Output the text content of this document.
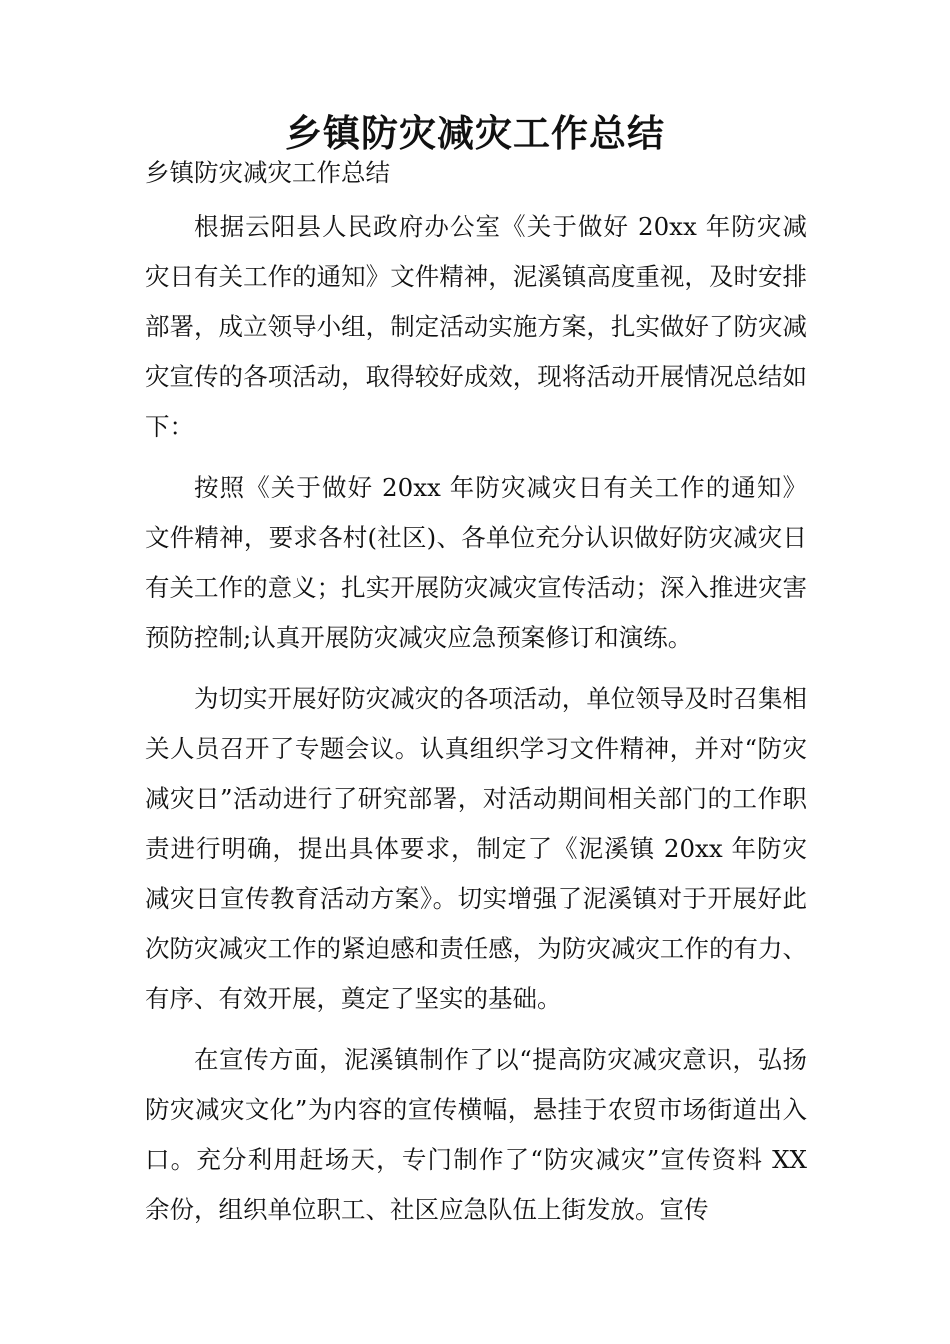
乡镇防灾减灾工作总结

乡镇防灾减灾工作总结

根据云阳县人民政府办公室《关于做好 20xx 年防灾减灾日有关工作的通知》文件精神，泥溪镇高度重视，及时安排部署，成立领导小组，制定活动实施方案，扎实做好了防灾减灾宣传的各项活动，取得较好成效，现将活动开展情况总结如下：

按照《关于做好 20xx 年防灾减灾日有关工作的通知》文件精神，要求各村(社区)、各单位充分认识做好防灾减灾日有关工作的意义；扎实开展防灾减灾宣传活动；深入推进灾害预防控制;认真开展防灾减灾应急预案修订和演练。

为切实开展好防灾减灾的各项活动，单位领导及时召集相关人员召开了专题会议。认真组织学习文件精神，并对“防灾减灾日”活动进行了研究部署，对活动期间相关部门的工作职责进行明确，提出具体要求，制定了《泥溪镇 20xx 年防灾减灾日宣传教育活动方案》。切实增强了泥溪镇对于开展好此次防灾减灾工作的紧迫感和责任感，为防灾减灾工作的有力、有序、有效开展，奠定了坚实的基础。

在宣传方面，泥溪镇制作了以“提高防灾减灾意识，弘扬防灾减灾文化”为内容的宣传横幅，悬挂于农贸市场街道出入口。充分利用赶场天，专门制作了“防灾减灾”宣传资料 XX 余份，组织单位职工、社区应急队伍上街发放。宣传
